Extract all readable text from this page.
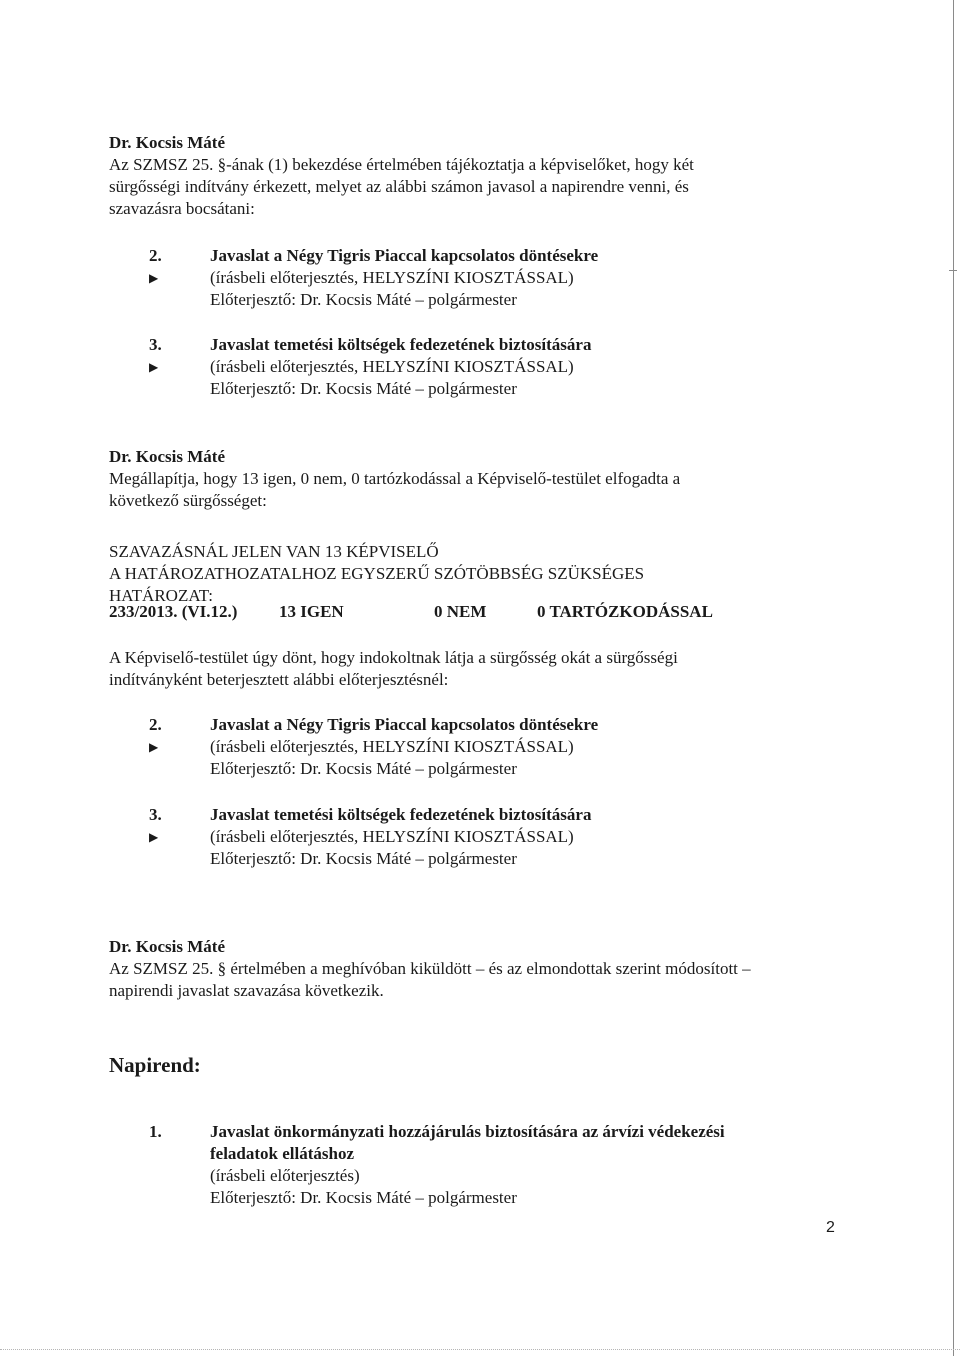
Dr. Kocsis Máté
Az SZMSZ 25. §-ának (1) bekezdése értelmében tájékoztatja a képviselőket, hogy két
sürgősségi indítvány érkezett, melyet az alábbi számon javasol a napirendre venni, és
szavazásra bocsátani:
2.
▶
Javaslat a Négy Tigris Piaccal kapcsolatos döntésekre
(írásbeli előterjesztés, HELYSZÍNI KIOSZTÁSSAL)
Előterjesztő: Dr. Kocsis Máté – polgármester
3.
▶
Javaslat temetési költségek fedezetének biztosítására
(írásbeli előterjesztés, HELYSZÍNI KIOSZTÁSSAL)
Előterjesztő: Dr. Kocsis Máté – polgármester
Dr. Kocsis Máté
Megállapítja, hogy 13 igen, 0 nem, 0 tartózkodással a Képviselő-testület elfogadta a
következő sürgősséget:
SZAVAZÁSNÁL JELEN VAN 13 KÉPVISELŐ
A HATÁROZATHOZATALHOZ EGYSZERŰ SZÓTÖBBSÉG SZÜKSÉGES
HATÁROZAT:
233/2013. (VI.12.) 13 IGEN	0 NEM	0 TARTÓZKODÁSSAL
A Képviselő-testület úgy dönt, hogy indokoltnak látja a sürgősség okát a sürgősségi
indítványként beterjesztett alábbi előterjesztésnél:
2.
▶
Javaslat a Négy Tigris Piaccal kapcsolatos döntésekre
(írásbeli előterjesztés, HELYSZÍNI KIOSZTÁSSAL)
Előterjesztő: Dr. Kocsis Máté – polgármester
3.
▶
Javaslat temetési költségek fedezetének biztosítására
(írásbeli előterjesztés, HELYSZÍNI KIOSZTÁSSAL)
Előterjesztő: Dr. Kocsis Máté – polgármester
Dr. Kocsis Máté
Az SZMSZ 25. § értelmében a meghívóban kiküldött – és az elmondottak szerint módosított –
napirendi javaslat szavazása következik.
Napirend:
1.	Javaslat önkormányzati hozzájárulás biztosítására az árvízi védekezési
feladatok ellátáshoz
(írásbeli előterjesztés)
Előterjesztő: Dr. Kocsis Máté – polgármester
2
